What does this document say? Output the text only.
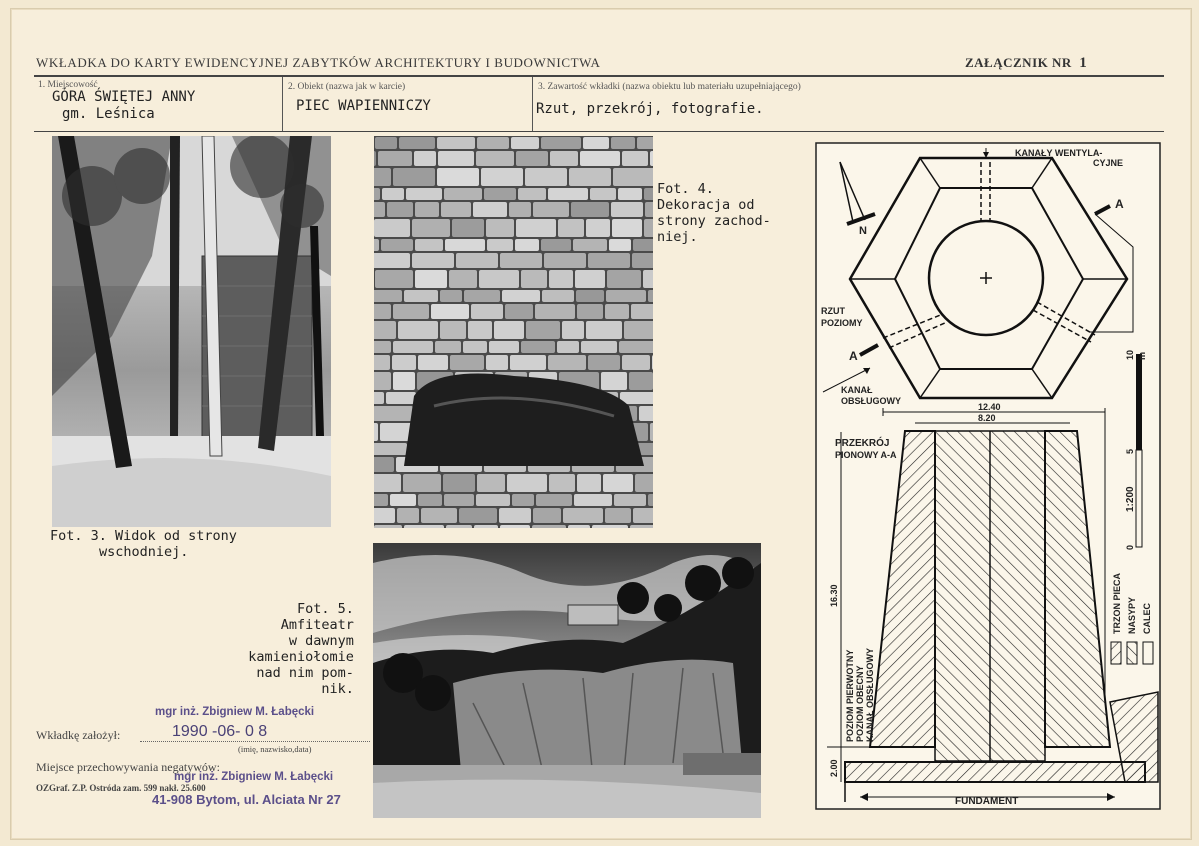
WKŁADKA DO KARTY EWIDENCYJNEJ ZABYTKÓW ARCHITEKTURY I BUDOWNICTWA	ZAŁĄCZNIK NR 1
1. Miejscowość
GÓRA ŚWIĘTEJ ANNY
gm. Leśnica
2. Obiekt (nazwa jak w karcie)
PIEC WAPIENNICZY
3. Zawartość wkładki (nazwa obiektu lub materiału uzupełniającego)
Rzut, przekrój, fotografie.
Fot. 3. Widok od strony
wschodniej.
Fot. 4.
Dekoracja od
strony zachod-
niej.
Fot. 5.
Amfiteatr
w dawnym
kamieniołomie
nad nim pom-
nik.
mgr inż. Zbigniew M. Łabęcki
Wkładkę założył:	1990 -06- 0 8
(imię, nazwisko,data)
Miejsce przechowywania negatywów:
mgr inż. Zbigniew M. Łabęcki
OZGraf. Z.P. Ostróda zam. 599 nakł. 25.600
41-908 Bytom, ul. Alciata Nr 27
KANAŁY WENTYLA-
CYJNE
N
A
A
RZUT
POZIOMY
KANAŁ
OBSŁUGOWY
12.40
8.20
PRZEKRÓJ
PIONOWY A-A
16.30
2.00
FUNDAMENT
POZIOM PIERWOTNY POZIOM OBECNY KANAŁ OBSŁUGOWY
10 m
5
1:200
0
TRZON PIECA NASYPY CALEC
